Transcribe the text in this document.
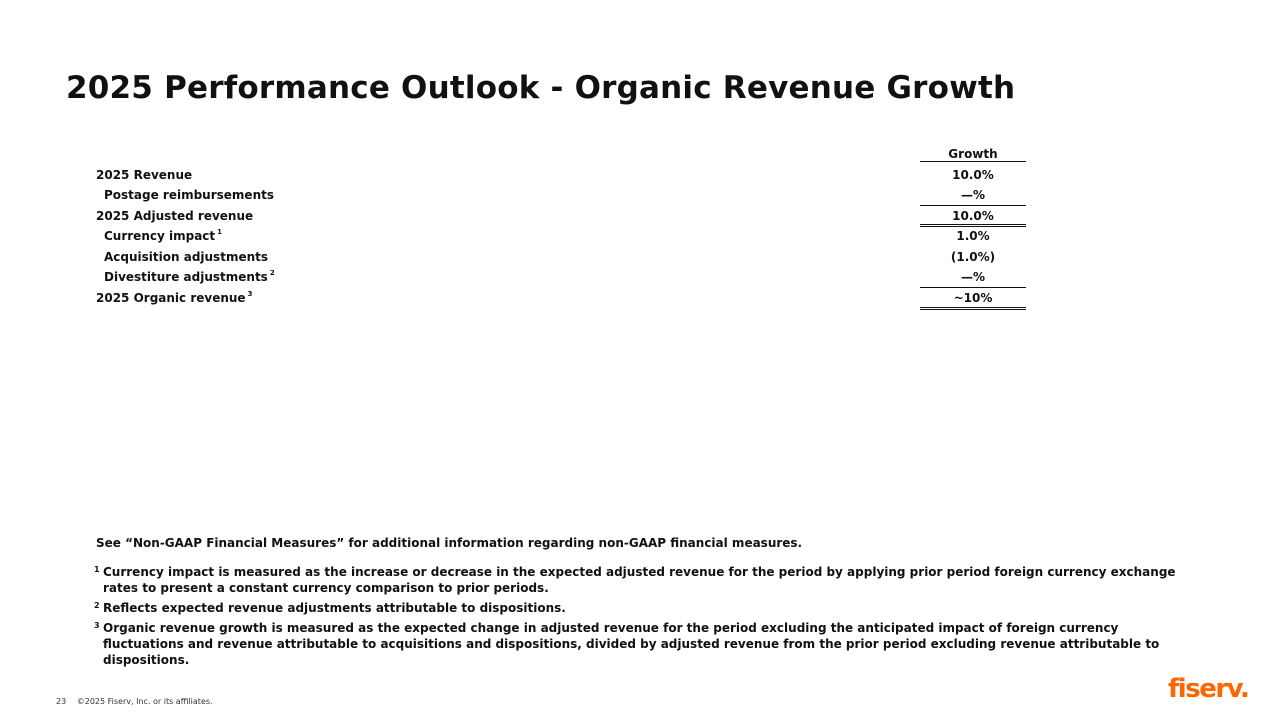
2025 Performance Outlook - Organic Revenue Growth
Growth
2025 Revenue	10.0%
Postage reimbursements	—%
2025 Adjusted revenue	10.0%
Currency impact $^1$	1.0%
Acquisition adjustments	(1.0%)
Divestiture adjustments $^2$	—%
2025 Organic revenue $^3$	~10%
See “Non-GAAP Financial Measures” for additional information regarding non-GAAP financial measures.
1 Currency impact is measured as the increase or decrease in the expected adjusted revenue for the period by applying prior period foreign currency exchange rates to present a constant currency comparison to prior periods.
2 Reflects expected revenue adjustments attributable to dispositions.
3 Organic revenue growth is measured as the expected change in adjusted revenue for the period excluding the anticipated impact of foreign currency fluctuations and revenue attributable to acquisitions and dispositions, divided by adjusted revenue from the prior period excluding revenue attributable to dispositions.
23 ©2025 Fiserv, Inc. or its affiliates.	fiserv.
